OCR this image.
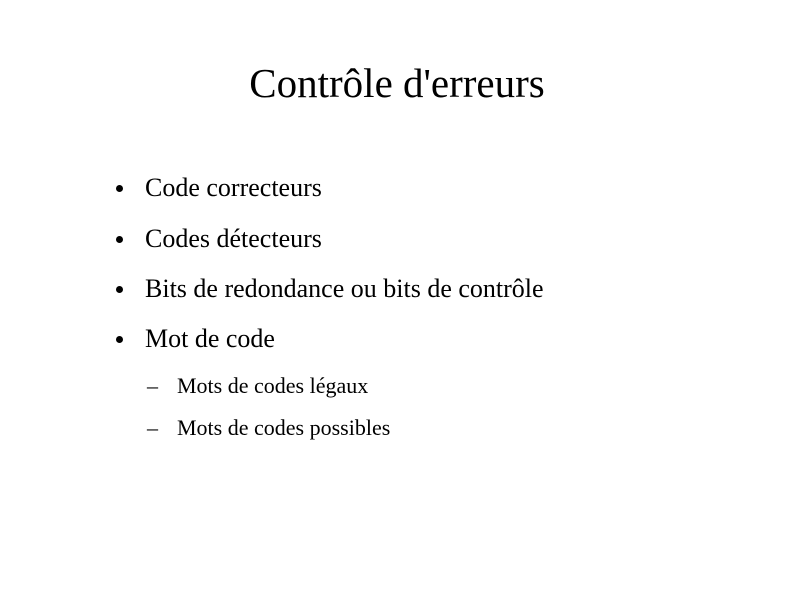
Contrôle d'erreurs
Code correcteurs
Codes détecteurs
Bits de redondance ou bits de contrôle
Mot de code
– Mots de codes légaux
– Mots de codes possibles
